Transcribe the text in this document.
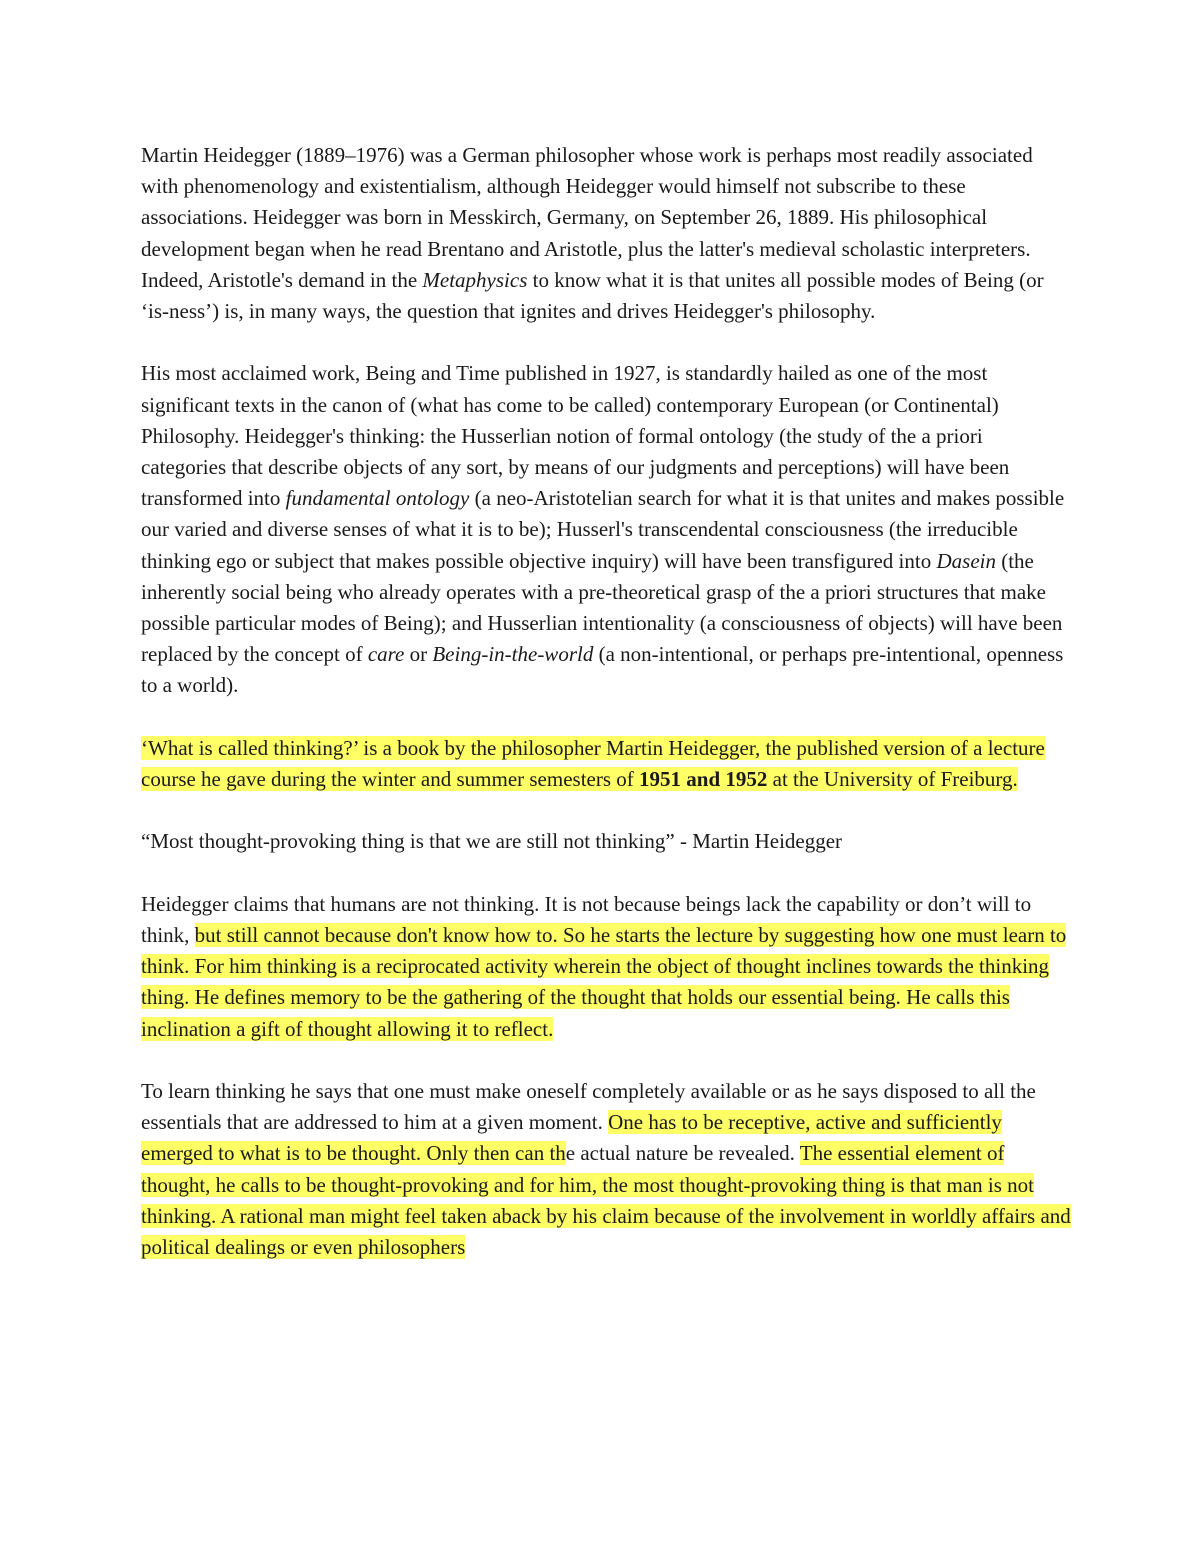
Martin Heidegger (1889–1976) was a German philosopher whose work is perhaps most readily associated with phenomenology and existentialism, although Heidegger would himself not subscribe to these associations. Heidegger was born in Messkirch, Germany, on September 26, 1889. His philosophical development began when he read Brentano and Aristotle, plus the latter's medieval scholastic interpreters. Indeed, Aristotle's demand in the Metaphysics to know what it is that unites all possible modes of Being (or ‘is-ness’) is, in many ways, the question that ignites and drives Heidegger's philosophy.

His most acclaimed work, Being and Time published in 1927, is standardly hailed as one of the most significant texts in the canon of (what has come to be called) contemporary European (or Continental) Philosophy. Heidegger's thinking: the Husserlian notion of formal ontology (the study of the a priori categories that describe objects of any sort, by means of our judgments and perceptions) will have been transformed into fundamental ontology (a neo-Aristotelian search for what it is that unites and makes possible our varied and diverse senses of what it is to be); Husserl's transcendental consciousness (the irreducible thinking ego or subject that makes possible objective inquiry) will have been transfigured into Dasein (the inherently social being who already operates with a pre-theoretical grasp of the a priori structures that make possible particular modes of Being); and Husserlian intentionality (a consciousness of objects) will have been replaced by the concept of care or Being-in-the-world (a non-intentional, or perhaps pre-intentional, openness to a world).

‘What is called thinking?’ is a book by the philosopher Martin Heidegger, the published version of a lecture course he gave during the winter and summer semesters of 1951 and 1952 at the University of Freiburg.

“Most thought-provoking thing is that we are still not thinking” - Martin Heidegger

Heidegger claims that humans are not thinking. It is not because beings lack the capability or don’t will to think, but still cannot because don't know how to. So he starts the lecture by suggesting how one must learn to think. For him thinking is a reciprocated activity wherein the object of thought inclines towards the thinking thing. He defines memory to be the gathering of the thought that holds our essential being. He calls this inclination a gift of thought allowing it to reflect.

To learn thinking he says that one must make oneself completely available or as he says disposed to all the essentials that are addressed to him at a given moment. One has to be receptive, active and sufficiently emerged to what is to be thought. Only then can the actual nature be revealed. The essential element of thought, he calls to be thought-provoking and for him, the most thought-provoking thing is that man is not thinking. A rational man might feel taken aback by his claim because of the involvement in worldly affairs and political dealings or even philosophers
